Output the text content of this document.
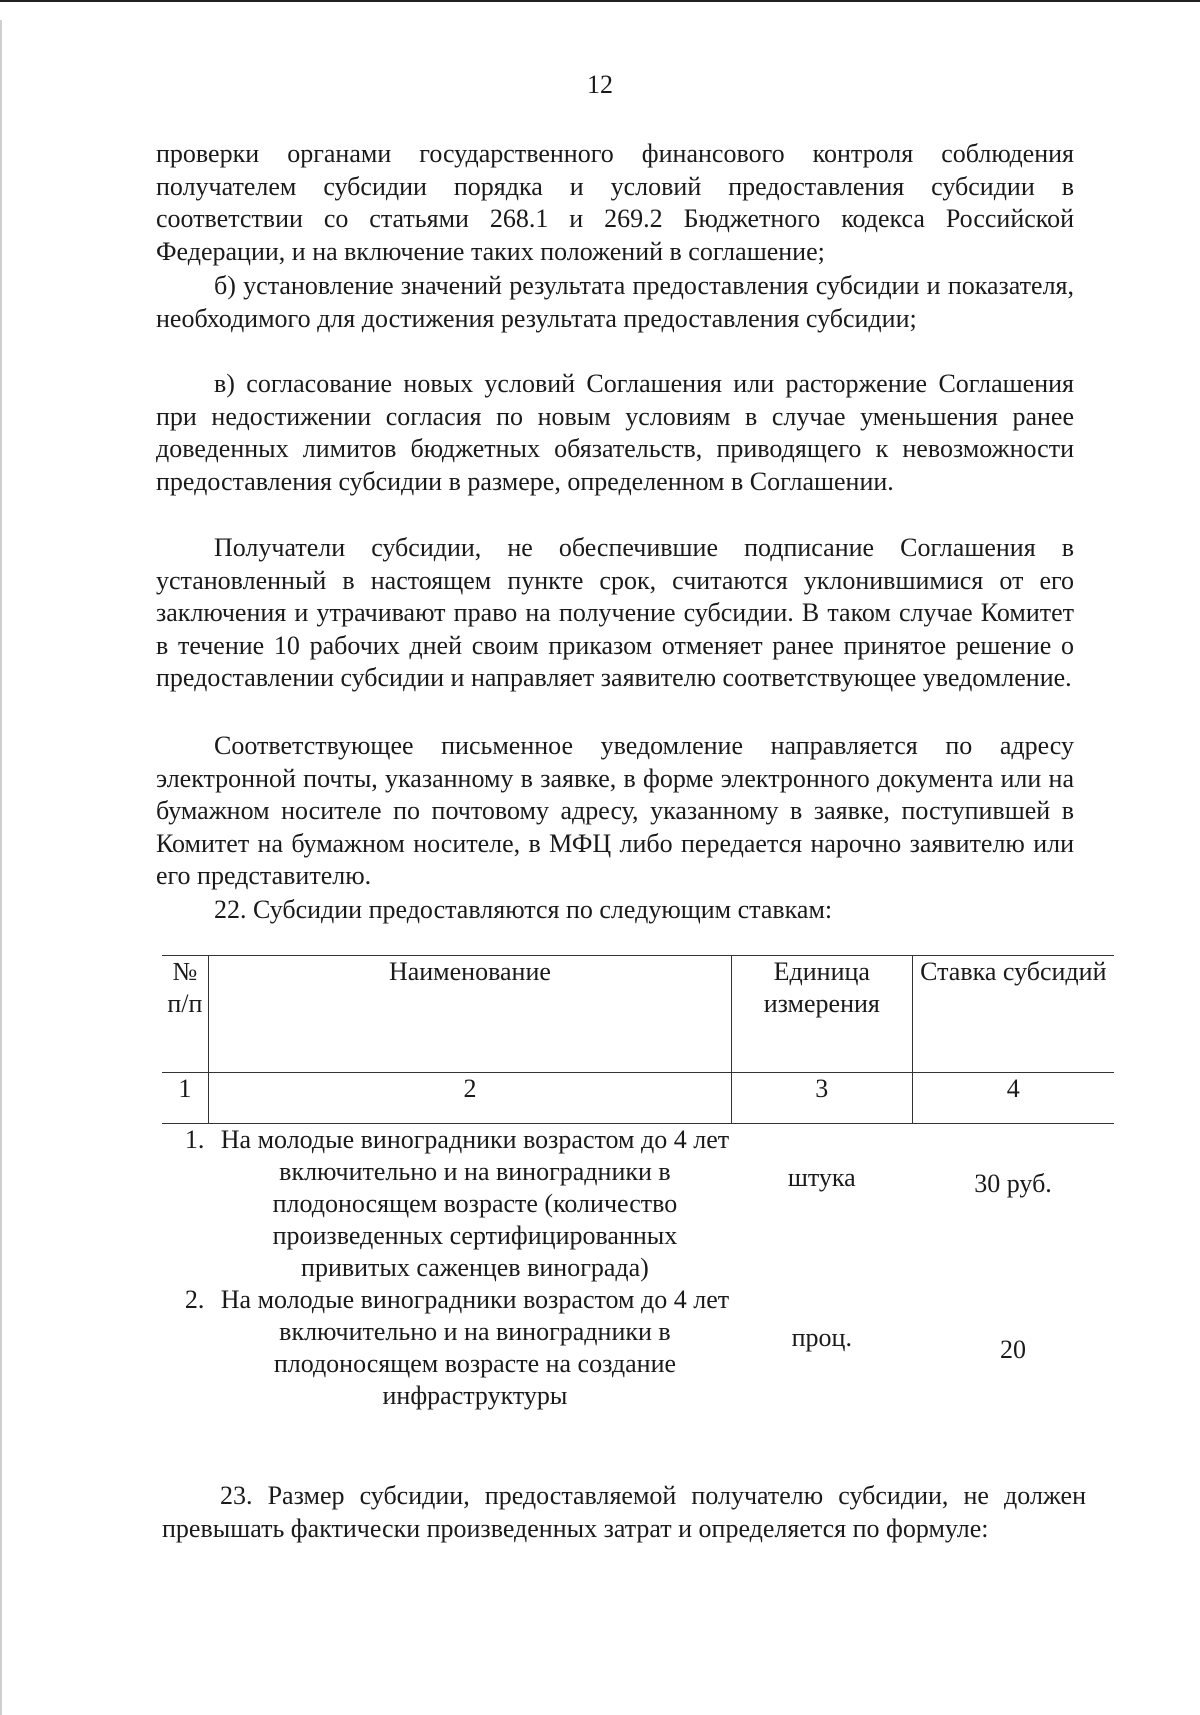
12

проверки органами государственного финансового контроля соблюдения получателем субсидии порядка и условий предоставления субсидии в соответствии со статьями 268.1 и 269.2 Бюджетного кодекса Российской Федерации, и на включение таких положений в соглашение;

б) установление значений результата предоставления субсидии и показателя, необходимого для достижения результата предоставления субсидии;

в) согласование новых условий Соглашения или расторжение Соглашения при недостижении согласия по новым условиям в случае уменьшения ранее доведенных лимитов бюджетных обязательств, приводящего к невозможности предоставления субсидии в размере, определенном в Соглашении.

Получатели субсидии, не обеспечившие подписание Соглашения в установленный в настоящем пункте срок, считаются уклонившимися от его заключения и утрачивают право на получение субсидии. В таком случае Комитет в течение 10 рабочих дней своим приказом отменяет ранее принятое решение о предоставлении субсидии и направляет заявителю соответствующее уведомление.

Соответствующее письменное уведомление направляется по адресу электронной почты, указанному в заявке, в форме электронного документа или на бумажном носителе по почтовому адресу, указанному в заявке, поступившей в Комитет на бумажном носителе, в МФЦ либо передается нарочно заявителю или его представителю.

22. Субсидии предоставляются по следующим ставкам:

№ п/п	Наименование	Единица измерения	Ставка субсидий
1	2	3	4
1.	На молодые виноградники возрастом до 4 лет включительно и на виноградники в плодоносящем возрасте (количество произведенных сертифицированных привитых саженцев винограда)	штука	30 руб.
2.	На молодые виноградники возрастом до 4 лет включительно и на виноградники в плодоносящем возрасте на создание инфраструктуры	проц.	20

23. Размер субсидии, предоставляемой получателю субсидии, не должен превышать фактически произведенных затрат и определяется по формуле:
